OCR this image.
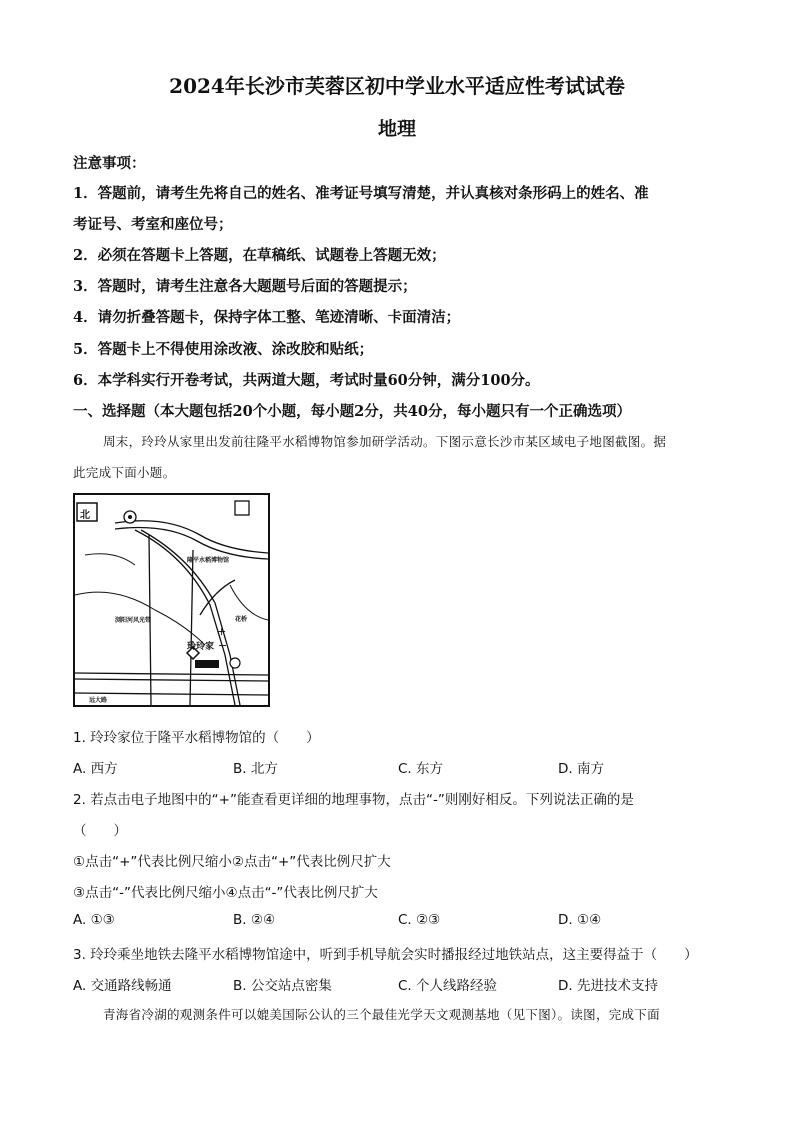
2024年长沙市芙蓉区初中学业水平适应性考试试卷
地理
注意事项：
1．答题前，请考生先将自己的姓名、准考证号填写清楚，并认真核对条形码上的姓名、准
考证号、考室和座位号；
2．必须在答题卡上答题，在草稿纸、试题卷上答题无效；
3．答题时，请考生注意各大题题号后面的答题提示；
4．请勿折叠答题卡，保持字体工整、笔迹清晰、卡面清洁；
5．答题卡上不得使用涂改液、涂改胶和贴纸；
6．本学科实行开卷考试，共两道大题，考试时量60分钟，满分100分。
一、选择题（本大题包括20个小题，每小题2分，共40分，每小题只有一个正确选项）
周末，玲玲从家里出发前往隆平水稻博物馆参加研学活动。下图示意长沙市某区域电子地图截图。据
此完成下面小题。
+
−
北
隆平水稻博物馆
浏阳河风光带	花桥
玲玲家
远大路
1. 玲玲家位于隆平水稻博物馆的（　　）
A. 西方	B. 北方	C. 东方	D. 南方
2. 若点击电子地图中的“+”能查看更详细的地理事物，点击“-”则刚好相反。下列说法正确的是
（　　）
①点击“+”代表比例尺缩小②点击“+”代表比例尺扩大
③点击“-”代表比例尺缩小④点击“-”代表比例尺扩大
A. ①③	B. ②④	C. ②③	D. ①④
3. 玲玲乘坐地铁去隆平水稻博物馆途中，听到手机导航会实时播报经过地铁站点，这主要得益于（　　）
A. 交通路线畅通	B. 公交站点密集	C. 个人线路经验	D. 先进技术支持
青海省冷湖的观测条件可以媲美国际公认的三个最佳光学天文观测基地（见下图）。读图，完成下面
